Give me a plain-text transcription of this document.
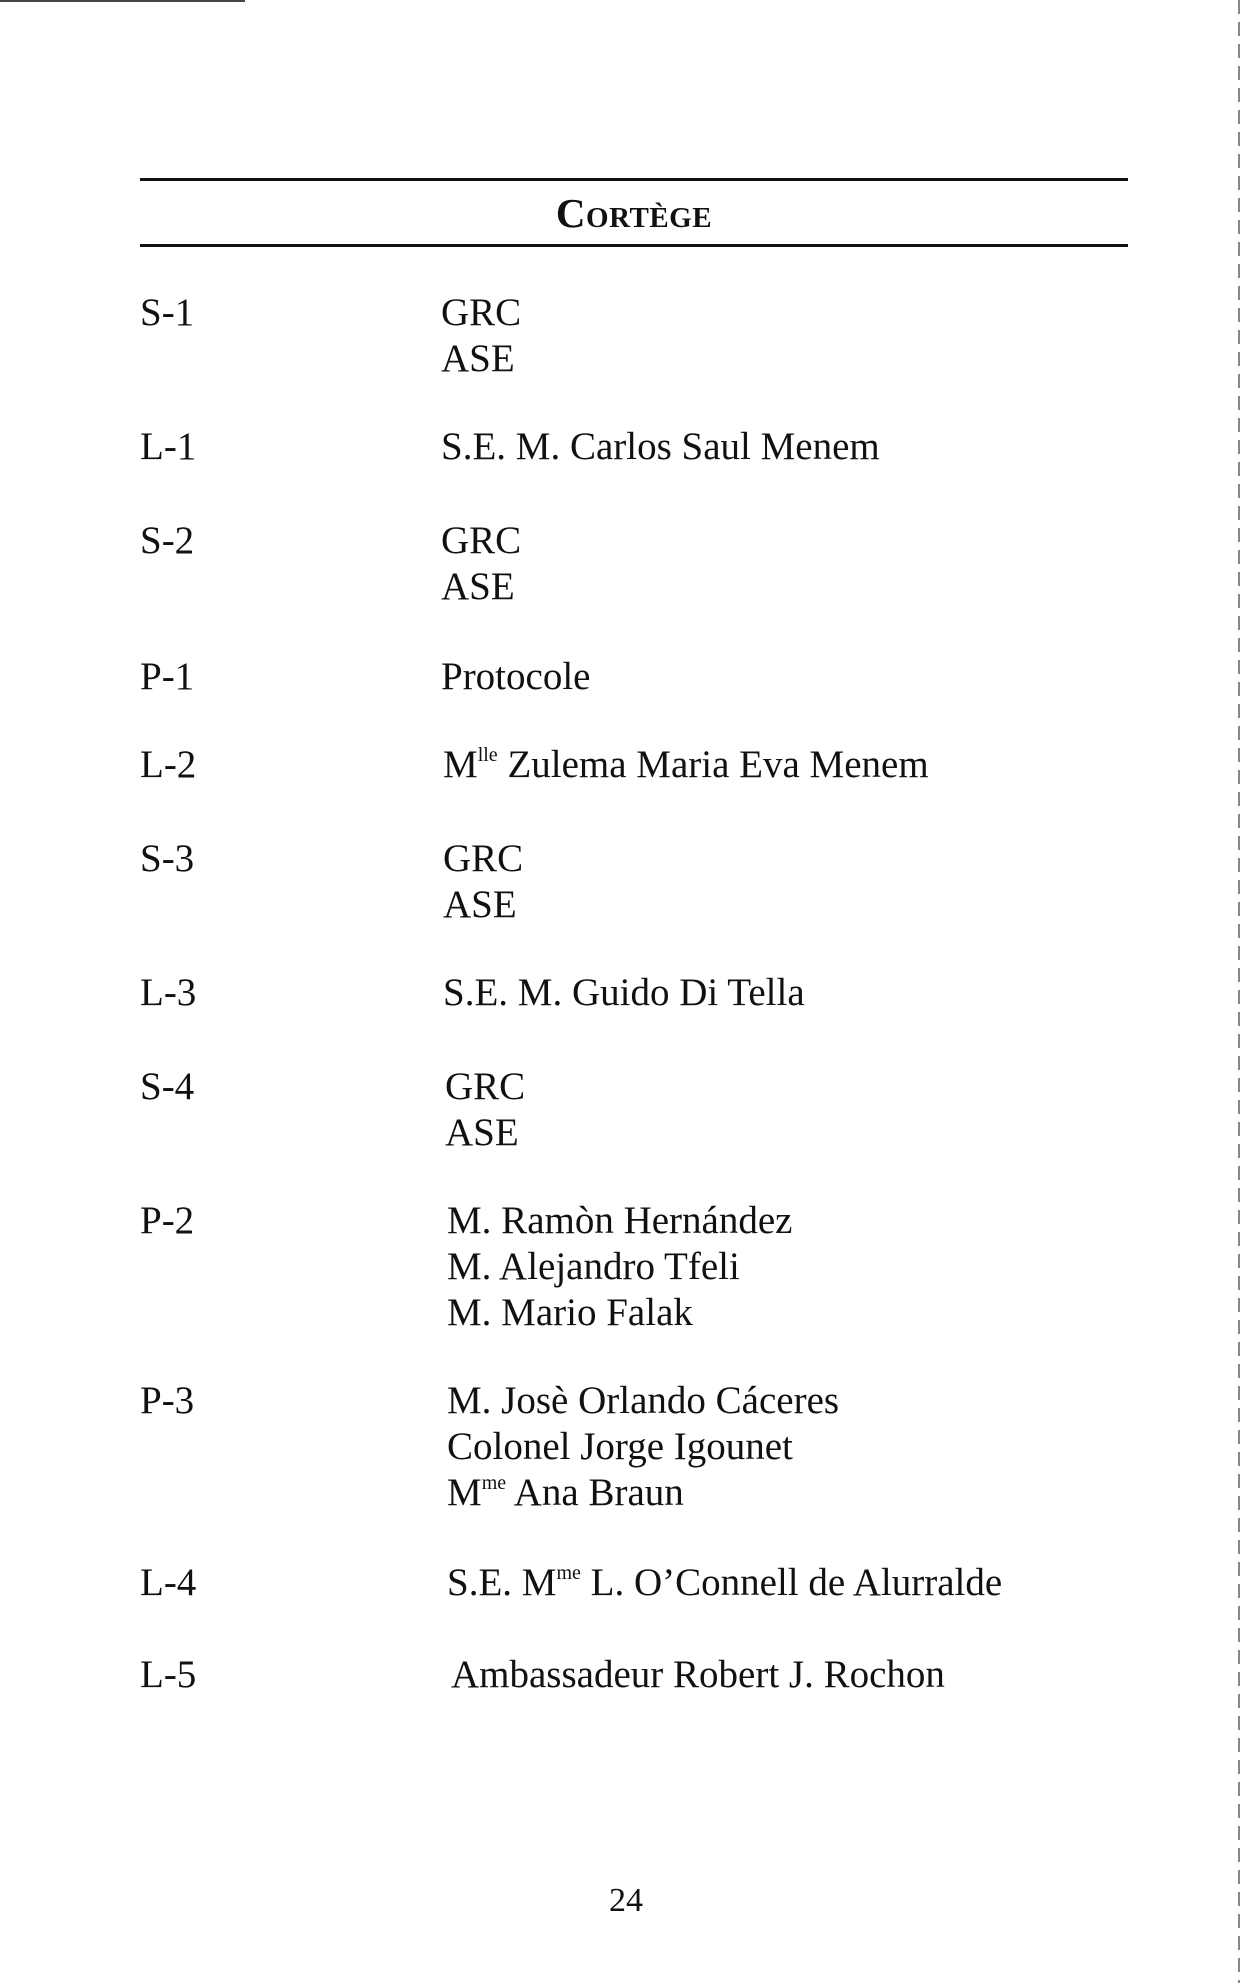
Cortège
S-1	GRC
ASE
L-1	S.E. M. Carlos Saul Menem
S-2	GRC
ASE
P-1	Protocole
L-2	$M^{lle}$ Zulema Maria Eva Menem
S-3	GRC
ASE
L-3	S.E. M. Guido Di Tella
S-4	GRC
ASE
P-2	M. Ramòn Hernández
M. Alejandro Tfeli
M. Mario Falak
P-3	M. Josè Orlando Cáceres
Colonel Jorge Igounet
$M^{me}$ Ana Braun
L-4	S.E. $M^{me}$ L. O’Connell de Alurralde
L-5	Ambassadeur Robert J. Rochon
24
